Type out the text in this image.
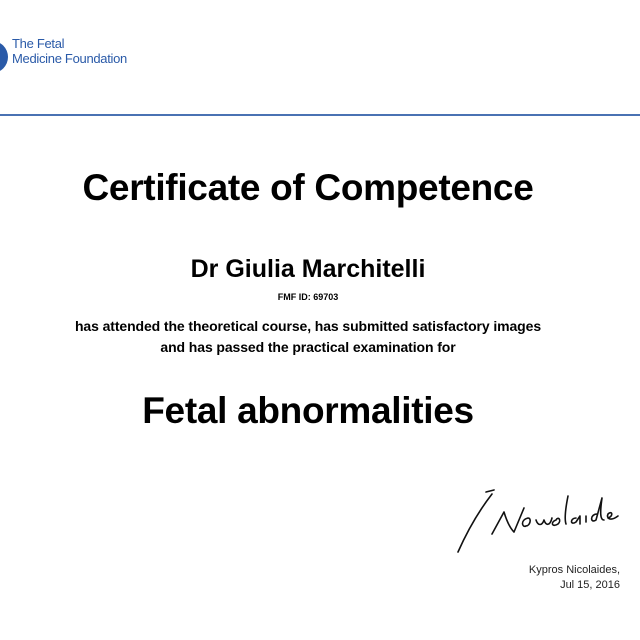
The Fetal
Medicine Foundation
Certificate of Competence
Dr Giulia Marchitelli
FMF ID: 69703
has attended the theoretical course, has submitted satisfactory images
and has passed the practical examination for
Fetal abnormalities
Kypros Nicolaides,
Jul 15, 2016
